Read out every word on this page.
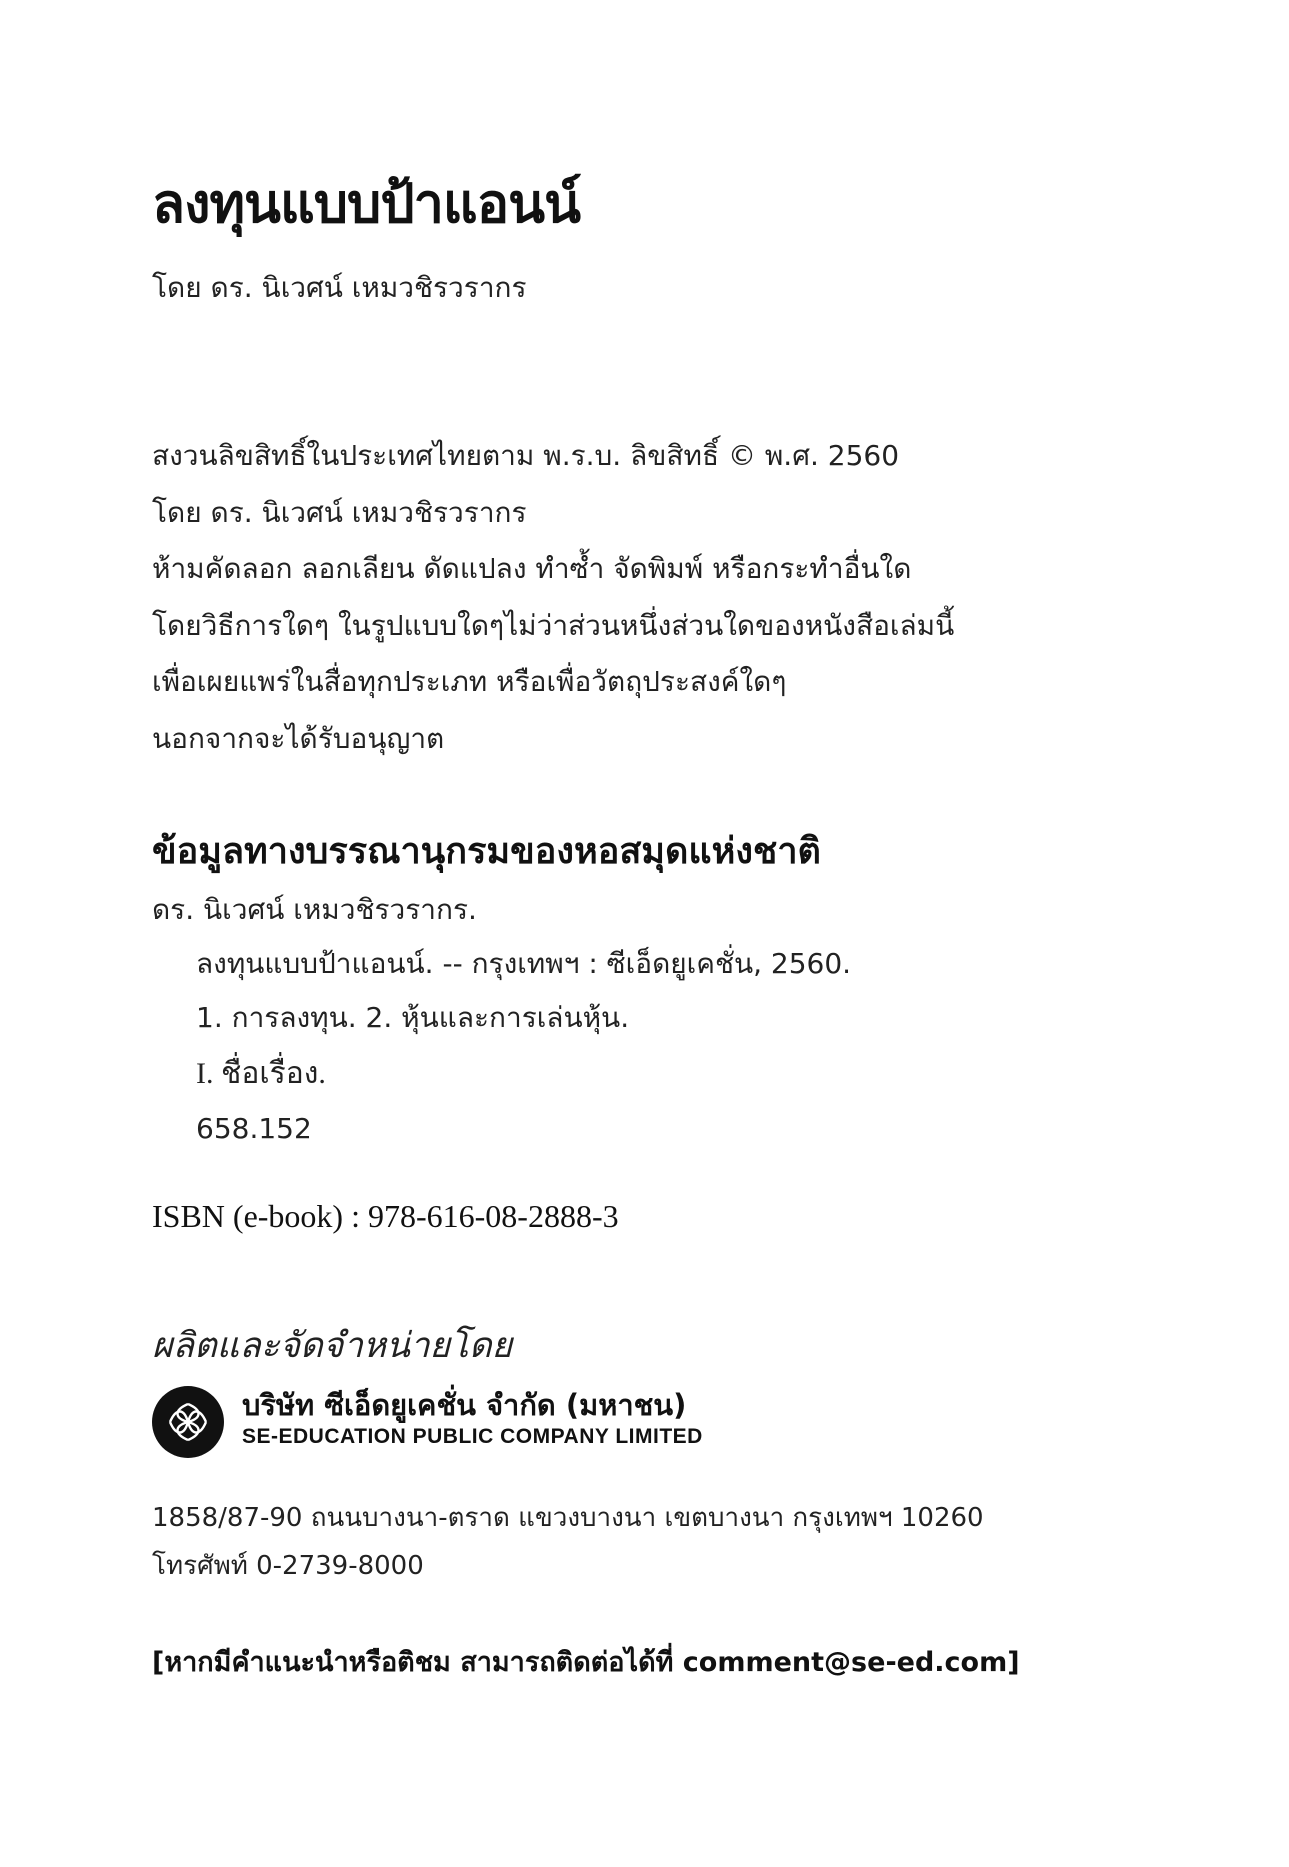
ลงทุนแบบป้าแอนน์
โดย ดร. นิเวศน์ เหมวชิรวรากร
สงวนลิขสิทธิ์ในประเทศไทยตาม พ.ร.บ. ลิขสิทธิ์ © พ.ศ. 2560
โดย ดร. นิเวศน์ เหมวชิรวรากร
ห้ามคัดลอก ลอกเลียน ดัดแปลง ทำซ้ำ จัดพิมพ์ หรือกระทำอื่นใด
โดยวิธีการใดๆ ในรูปแบบใดๆไม่ว่าส่วนหนึ่งส่วนใดของหนังสือเล่มนี้
เพื่อเผยแพร่ในสื่อทุกประเภท หรือเพื่อวัตถุประสงค์ใดๆ
นอกจากจะได้รับอนุญาต
ข้อมูลทางบรรณานุกรมของหอสมุดแห่งชาติ
ดร. นิเวศน์ เหมวชิรวรากร.
ลงทุนแบบป้าแอนน์. -- กรุงเทพฯ : ซีเอ็ดยูเคชั่น, 2560.
1. การลงทุน. 2. หุ้นและการเล่นหุ้น.
I. ชื่อเรื่อง.
658.152
ISBN (e-book) : 978-616-08-2888-3
ผลิตและจัดจำหน่ายโดย
บริษัท ซีเอ็ดยูเคชั่น จำกัด (มหาชน)
SE-EDUCATION PUBLIC COMPANY LIMITED
1858/87-90 ถนนบางนา-ตราด แขวงบางนา เขตบางนา กรุงเทพฯ 10260
โทรศัพท์ 0-2739-8000
[หากมีคำแนะนำหรือติชม สามารถติดต่อได้ที่ comment@se-ed.com]
